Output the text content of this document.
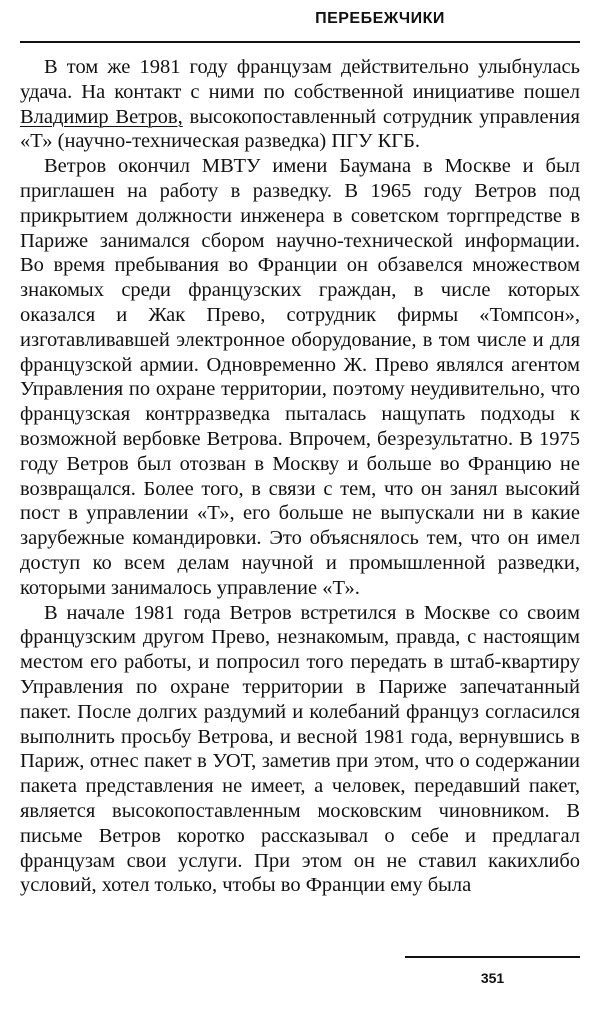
ПЕРЕБЕЖЧИКИ

В том же 1981 году французам действительно улыбнулась удача. На контакт с ними по собственной инициативе пошел Владимир Ветров, высокопоставленный сотрудник управления «Т» (научно-техническая разведка) ПГУ КГБ.

Ветров окончил МВТУ имени Баумана в Москве и был приглашен на работу в разведку. В 1965 году Ветров под прикрытием должности инженера в советском торгпредстве в Париже занимался сбором научно-технической информации. Во время пребывания во Франции он обзавелся множеством знакомых среди французских граждан, в числе которых оказался и Жак Прево, сотрудник фирмы «Томпсон», изготавливавшей электронное оборудование, в том числе и для французской армии. Одновременно Ж. Прево являлся агентом Управления по охране территории, поэтому неудивительно, что французская контрразведка пыталась нащупать подходы к возможной вербовке Ветрова. Впрочем, безрезультатно. В 1975 году Ветров был отозван в Москву и больше во Францию не возвращался. Более того, в связи с тем, что он занял высокий пост в управлении «Т», его больше не выпускали ни в какие зарубежные командировки. Это объяснялось тем, что он имел доступ ко всем делам научной и промышленной разведки, которыми занималось управление «Т».

В начале 1981 года Ветров встретился в Москве со своим французским другом Прево, незнакомым, правда, с настоящим местом его работы, и попросил того передать в штаб-квартиру Управления по охране территории в Париже запечатанный пакет. После долгих раздумий и колебаний француз согласился выполнить просьбу Ветрова, и весной 1981 года, вернувшись в Париж, отнес пакет в УОТ, заметив при этом, что о содержании пакета представления не имеет, а человек, передавший пакет, является высокопоставленным московским чиновником. В письме Ветров коротко рассказывал о себе и предлагал французам свои услуги. При этом он не ставил какихлибо условий, хотел только, чтобы во Франции ему была

351
